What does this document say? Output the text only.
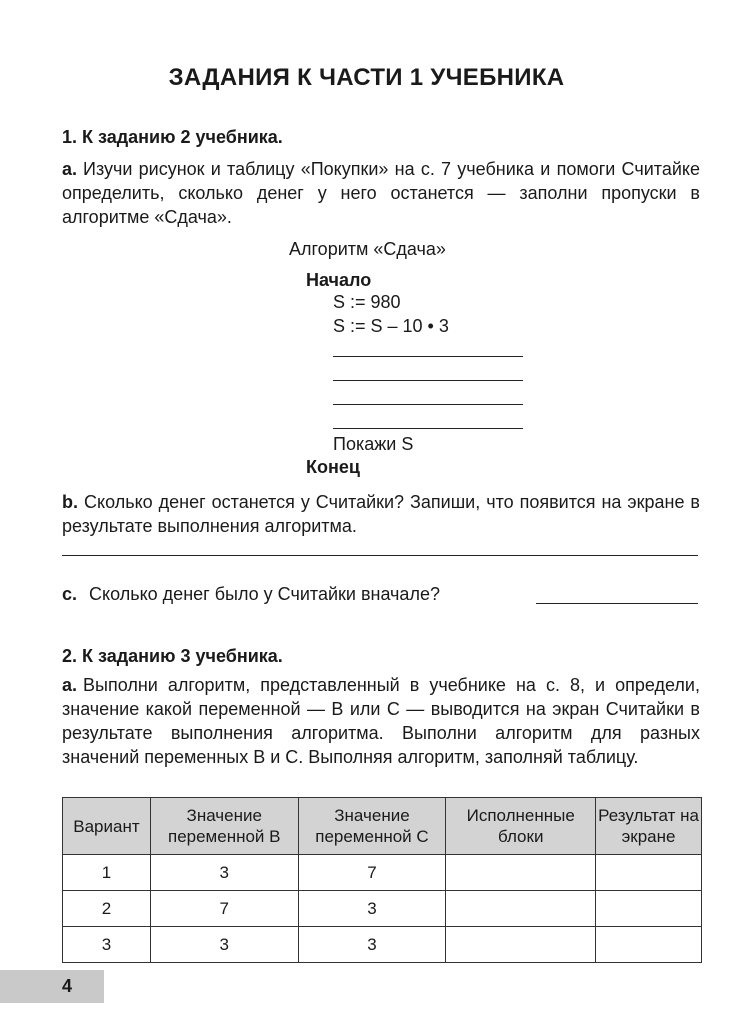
ЗАДАНИЯ К ЧАСТИ 1 УЧЕБНИКА
1. К заданию 2 учебника.
a. Изучи рисунок и таблицу «Покупки» на с. 7 учебника и помоги Считайке определить, сколько денег у него останется — заполни пропуски в алгоритме «Сдача».
Алгоритм «Сдача»
Начало
S := 980
S := S – 10 • 3
Покажи S
Конец
b. Сколько денег останется у Считайки? Запиши, что появится на экране в результате выполнения алгоритма.
c. Сколько денег было у Считайки вначале?
2. К заданию 3 учебника.
a. Выполни алгоритм, представленный в учебнике на с. 8, и определи, значение какой переменной — B или C — выводится на экран Считайки в результате выполнения алгоритма. Выполни алгоритм для разных значений переменных B и C. Выполняя алгоритм, заполняй таблицу.
Вариант	Значение переменной B	Значение переменной C	Исполненные блоки	Результат на экране
1	3	7		
2	7	3		
3	3	3		
4
